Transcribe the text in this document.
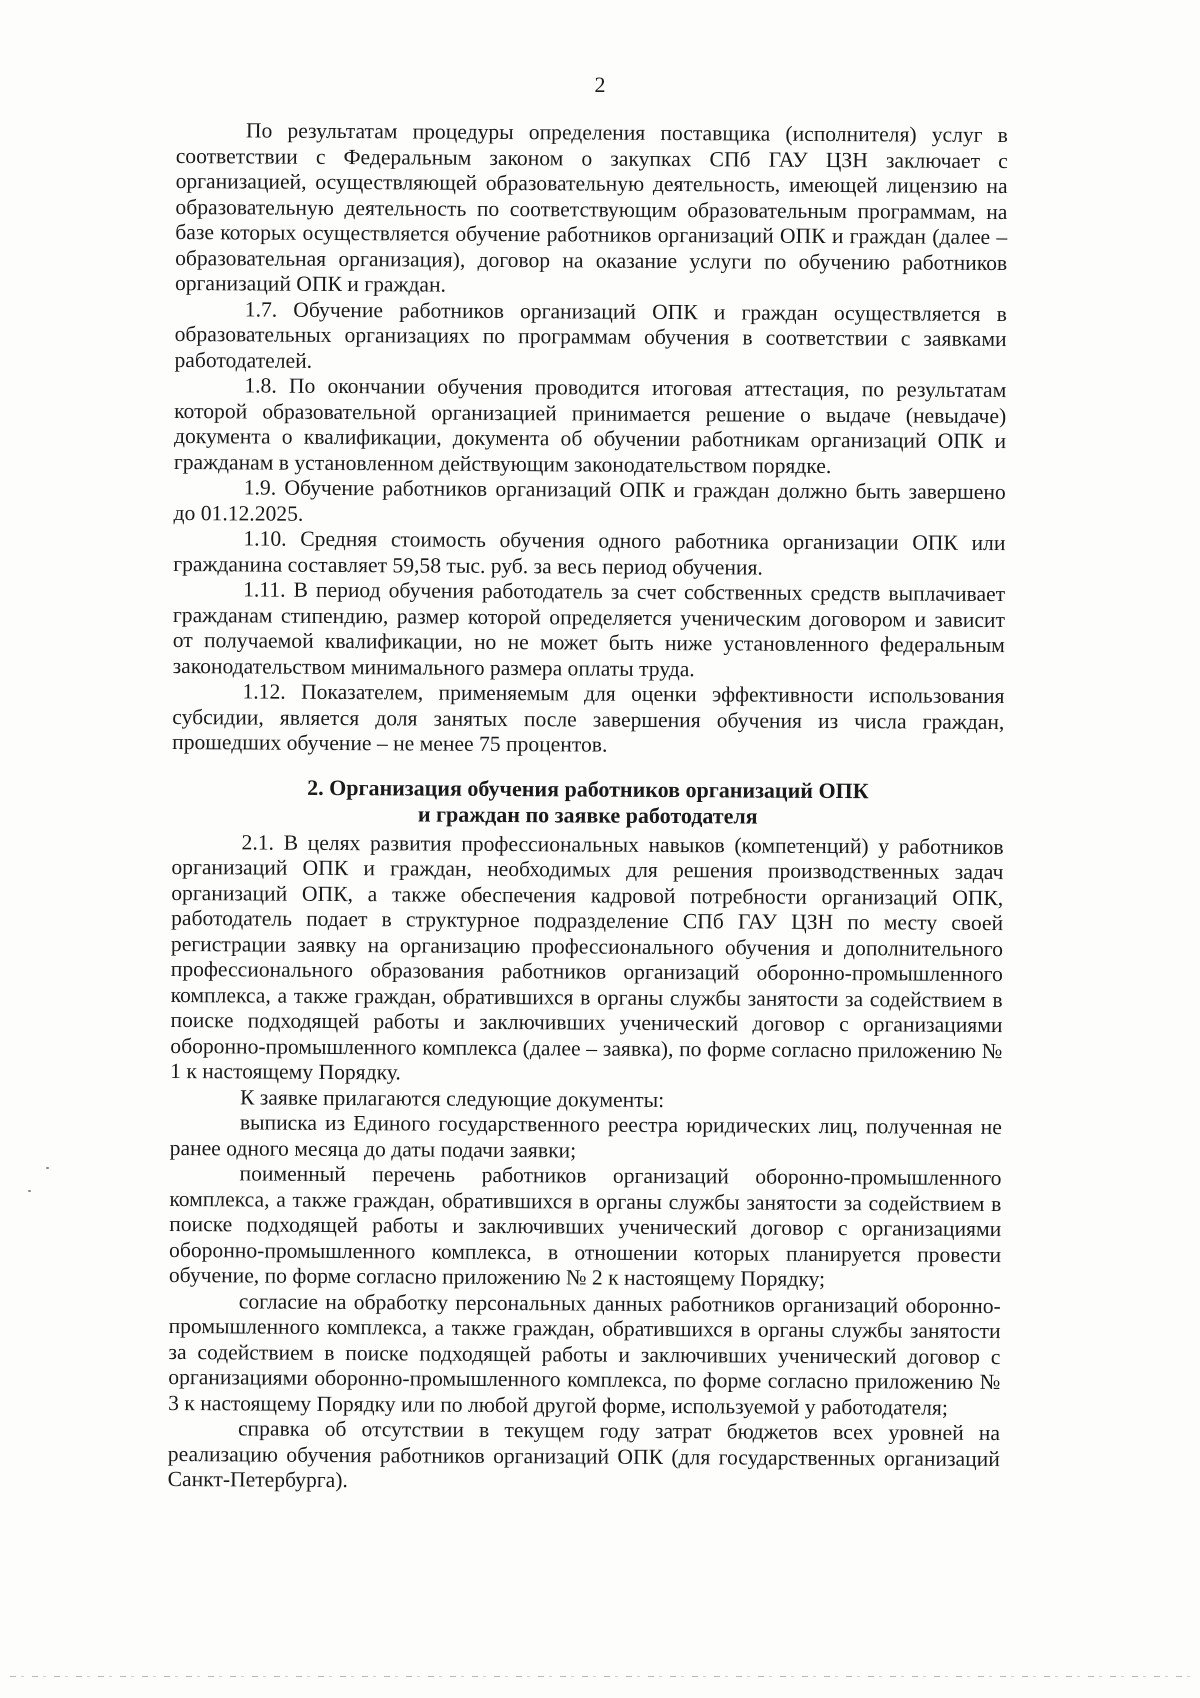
2

По результатам процедуры определения поставщика (исполнителя) услуг в соответствии с Федеральным законом о закупках СПб ГАУ ЦЗН заключает с организацией, осуществляющей образовательную деятельность, имеющей лицензию на образовательную деятельность по соответствующим образовательным программам, на базе которых осуществляется обучение работников организаций ОПК и граждан (далее – образовательная организация), договор на оказание услуги по обучению работников организаций ОПК и граждан.

1.7. Обучение работников организаций ОПК и граждан осуществляется в образовательных организациях по программам обучения в соответствии с заявками работодателей.

1.8. По окончании обучения проводится итоговая аттестация, по результатам которой образовательной организацией принимается решение о выдаче (невыдаче) документа о квалификации, документа об обучении работникам организаций ОПК и гражданам в установленном действующим законодательством порядке.

1.9. Обучение работников организаций ОПК и граждан должно быть завершено до 01.12.2025.

1.10. Средняя стоимость обучения одного работника организации ОПК или гражданина составляет 59,58 тыс. руб. за весь период обучения.

1.11. В период обучения работодатель за счет собственных средств выплачивает гражданам стипендию, размер которой определяется ученическим договором и зависит от получаемой квалификации, но не может быть ниже установленного федеральным законодательством минимального размера оплаты труда.

1.12. Показателем, применяемым для оценки эффективности использования субсидии, является доля занятых после завершения обучения из числа граждан, прошедших обучение – не менее 75 процентов.

2. Организация обучения работников организаций ОПК
и граждан по заявке работодателя

2.1. В целях развития профессиональных навыков (компетенций) у работников организаций ОПК и граждан, необходимых для решения производственных задач организаций ОПК, а также обеспечения кадровой потребности организаций ОПК, работодатель подает в структурное подразделение СПб ГАУ ЦЗН по месту своей регистрации заявку на организацию профессионального обучения и дополнительного профессионального образования работников организаций оборонно-промышленного комплекса, а также граждан, обратившихся в органы службы занятости за содействием в поиске подходящей работы и заключивших ученический договор с организациями оборонно-промышленного комплекса (далее – заявка), по форме согласно приложению № 1 к настоящему Порядку.

К заявке прилагаются следующие документы:

выписка из Единого государственного реестра юридических лиц, полученная не ранее одного месяца до даты подачи заявки;

поименный перечень работников организаций оборонно-промышленного комплекса, а также граждан, обратившихся в органы службы занятости за содействием в поиске подходящей работы и заключивших ученический договор с организациями оборонно-промышленного комплекса, в отношении которых планируется провести обучение, по форме согласно приложению № 2 к настоящему Порядку;

согласие на обработку персональных данных работников организаций оборонно-промышленного комплекса, а также граждан, обратившихся в органы службы занятости за содействием в поиске подходящей работы и заключивших ученический договор с организациями оборонно-промышленного комплекса, по форме согласно приложению № 3 к настоящему Порядку или по любой другой форме, используемой у работодателя;

справка об отсутствии в текущем году затрат бюджетов всех уровней на реализацию обучения работников организаций ОПК (для государственных организаций Санкт-Петербурга).
